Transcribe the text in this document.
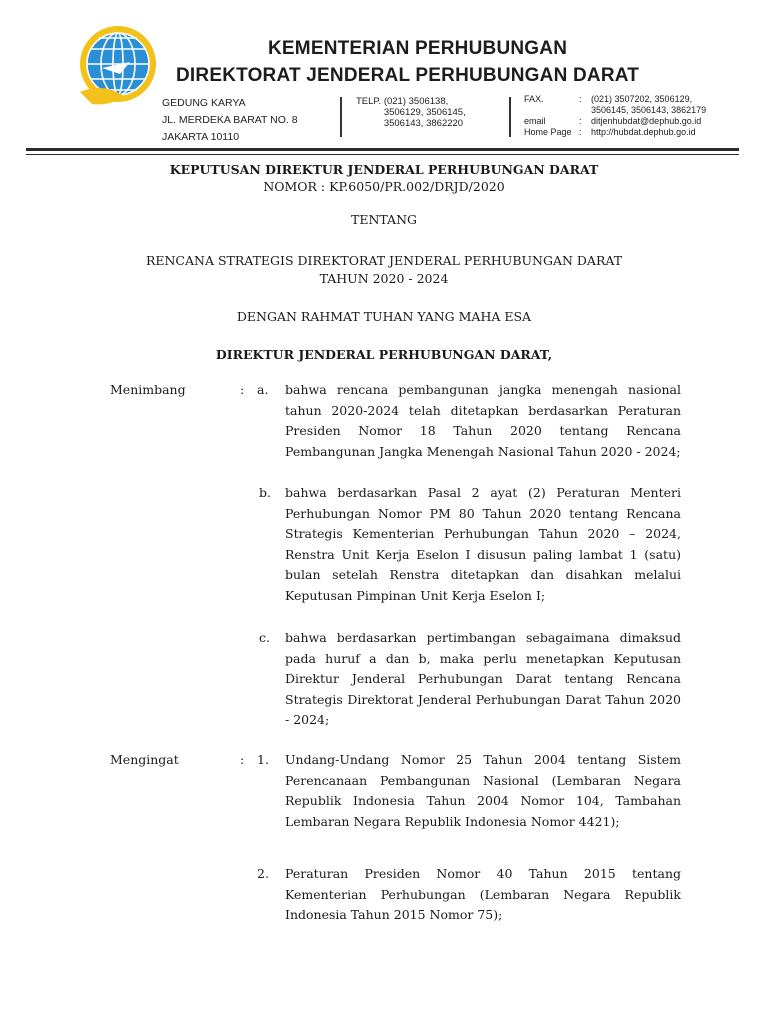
KEMENTERIAN PERHUBUNGAN
DIREKTORAT JENDERAL PERHUBUNGAN DARAT
GEDUNG KARYA
JL. MERDEKA BARAT NO. 8
JAKARTA 10110
TELP. (021) 3506138,
3506129, 3506145,
3506143, 3862220
FAX.	:	(021) 3507202, 3506129,
3506145, 3506143, 3862179
email	:	ditjenhubdat@dephub.go.id
Home Page :	http://hubdat.dephub.go.id
KEPUTUSAN DIREKTUR JENDERAL PERHUBUNGAN DARAT
NOMOR : KP.6050/PR.002/DRJD/2020
TENTANG
RENCANA STRATEGIS DIREKTORAT JENDERAL PERHUBUNGAN DARAT
TAHUN 2020 - 2024
DENGAN RAHMAT TUHAN YANG MAHA ESA
DIREKTUR JENDERAL PERHUBUNGAN DARAT,
Menimbang	: a. bahwa rencana pembangunan jangka menengah nasional tahun 2020-2024 telah ditetapkan berdasarkan Peraturan Presiden Nomor 18 Tahun 2020 tentang Rencana Pembangunan Jangka Menengah Nasional Tahun 2020 - 2024;
b. bahwa berdasarkan Pasal 2 ayat (2) Peraturan Menteri Perhubungan Nomor PM 80 Tahun 2020 tentang Rencana Strategis Kementerian Perhubungan Tahun 2020 – 2024, Renstra Unit Kerja Eselon I disusun paling lambat 1 (satu) bulan setelah Renstra ditetapkan dan disahkan melalui Keputusan Pimpinan Unit Kerja Eselon I;
c. bahwa berdasarkan pertimbangan sebagaimana dimaksud pada huruf a dan b, maka perlu menetapkan Keputusan Direktur Jenderal Perhubungan Darat tentang Rencana Strategis Direktorat Jenderal Perhubungan Darat Tahun 2020 - 2024;
Mengingat	: 1. Undang-Undang Nomor 25 Tahun 2004 tentang Sistem Perencanaan Pembangunan Nasional (Lembaran Negara Republik Indonesia Tahun 2004 Nomor 104, Tambahan Lembaran Negara Republik Indonesia Nomor 4421);
2. Peraturan Presiden Nomor 40 Tahun 2015 tentang Kementerian Perhubungan (Lembaran Negara Republik Indonesia Tahun 2015 Nomor 75);
